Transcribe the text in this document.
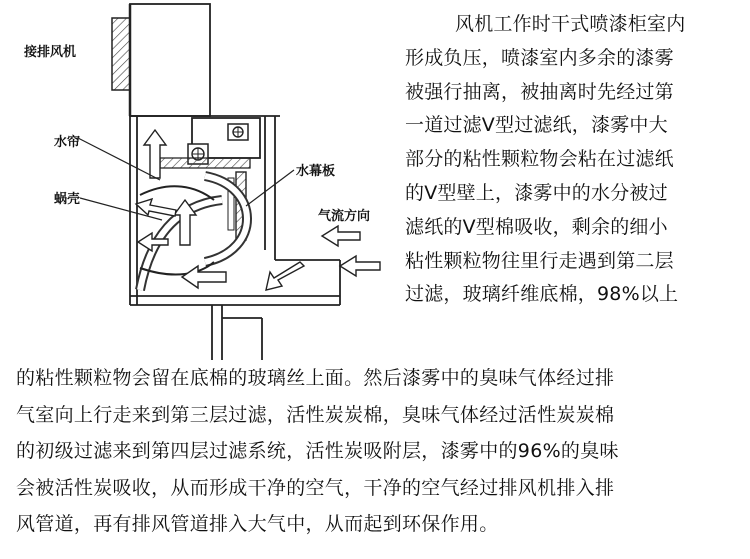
接排风机
水帘
蜗壳
水幕板
气流方向
风机工作时干式喷漆柜室内
形成负压，喷漆室内多余的漆雾
被强行抽离，被抽离时先经过第
一道过滤V型过滤纸，漆雾中大
部分的粘性颗粒物会粘在过滤纸
的V型壁上，漆雾中的水分被过
滤纸的V型棉吸收，剩余的细小
粘性颗粒物往里行走遇到第二层
过滤，玻璃纤维底棉，98%以上
的粘性颗粒物会留在底棉的玻璃丝上面。然后漆雾中的臭味气体经过排
气室向上行走来到第三层过滤，活性炭炭棉，臭味气体经过活性炭炭棉
的初级过滤来到第四层过滤系统，活性炭吸附层，漆雾中的96%的臭味
会被活性炭吸收，从而形成干净的空气，干净的空气经过排风机排入排
风管道，再有排风管道排入大气中，从而起到环保作用。
